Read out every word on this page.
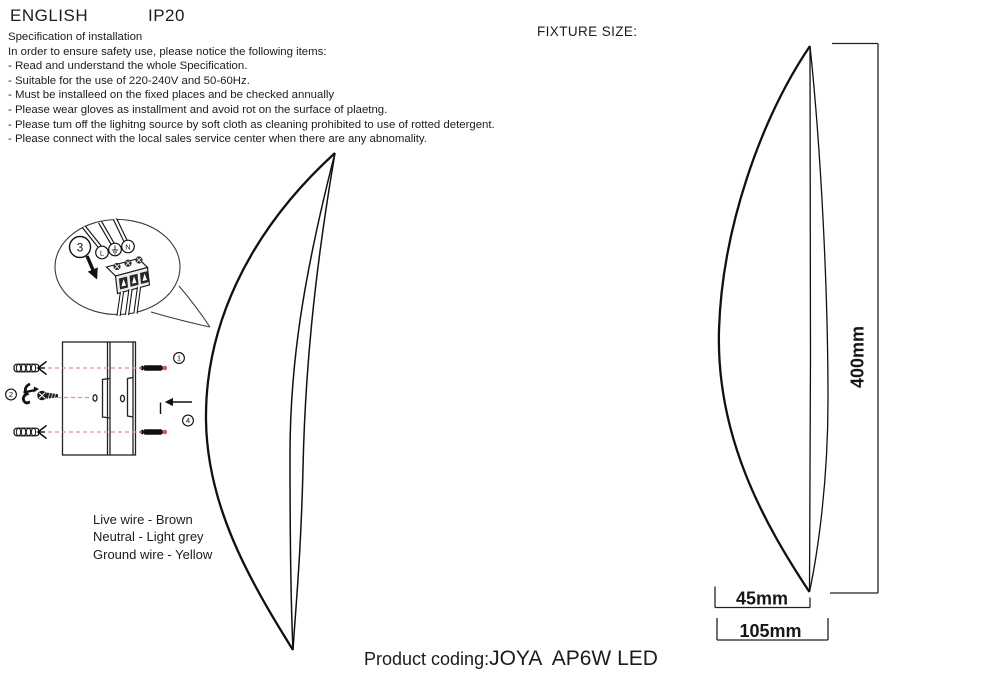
ENGLISH	IP20
Specification of installation
In order to ensure safety use, please notice the following items:
- Read and understand the whole Specification.
- Suitable for the use of 220-240V and 50-60Hz.
- Must be installeed on the fixed places and be checked annually
- Please wear gloves as installment and avoid rot on the surface of plaetng.
- Please tum off the lighitng source by soft cloth as cleaning prohibited to use of rotted detergent.
- Please connect with the local sales service center when there are any abnomality.
FIXTURE SIZE:
3 L
N
1
2
4
Live wire - Brown
Neutral - Light grey
Ground wire - Yellow
400mm
45mm
105mm
Product coding:JOYA  AP6W LED
